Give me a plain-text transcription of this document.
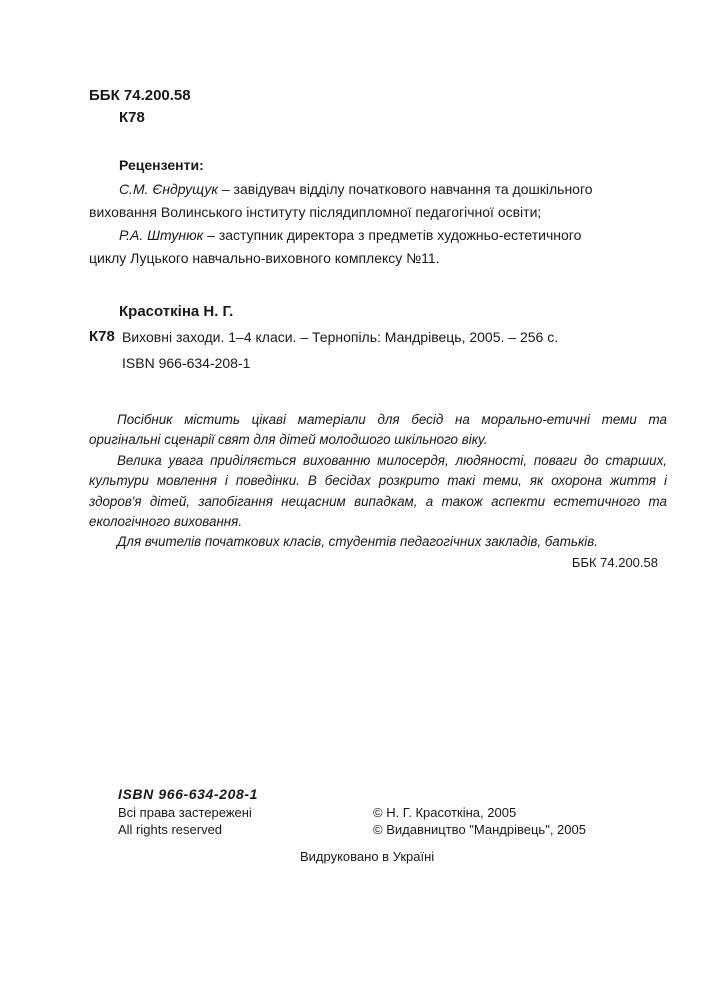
ББК 74.200.58
К78
Рецензенти:
С.М. Єндрущук – завідувач відділу початкового навчання та дошкільного
виховання Волинського інституту післядипломної педагогічної освіти;
Р.А. Штунюк – заступник директора з предметів художньо-естетичного
циклу Луцького навчально-виховного комплексу №11.
Красоткіна Н. Г.
К78 Виховні заходи. 1–4 класи. – Тернопіль: Мандрівець, 2005. – 256 с.
ISBN 966-634-208-1

Посібник містить цікаві матеріали для бесід на морально-етичні теми та оригінальні сценарії свят для дітей молодшого шкільного віку.

Велика увага приділяється вихованню милосердя, людяності, поваги до старших, культури мовлення і поведінки. В бесідах розкрито такі теми, як охорона життя і здоров'я дітей, запобігання нещасним випадкам, а також аспекти естетичного та екологічного виховання.

Для вчителів початкових класів, студентів педагогічних закладів, батьків.

ББК 74.200.58
ISBN 966-634-208-1
Всі права застережені
All rights reserved
© Н. Г. Красоткіна, 2005
© Видавництво "Мандрівець", 2005
Видруковано в Україні
